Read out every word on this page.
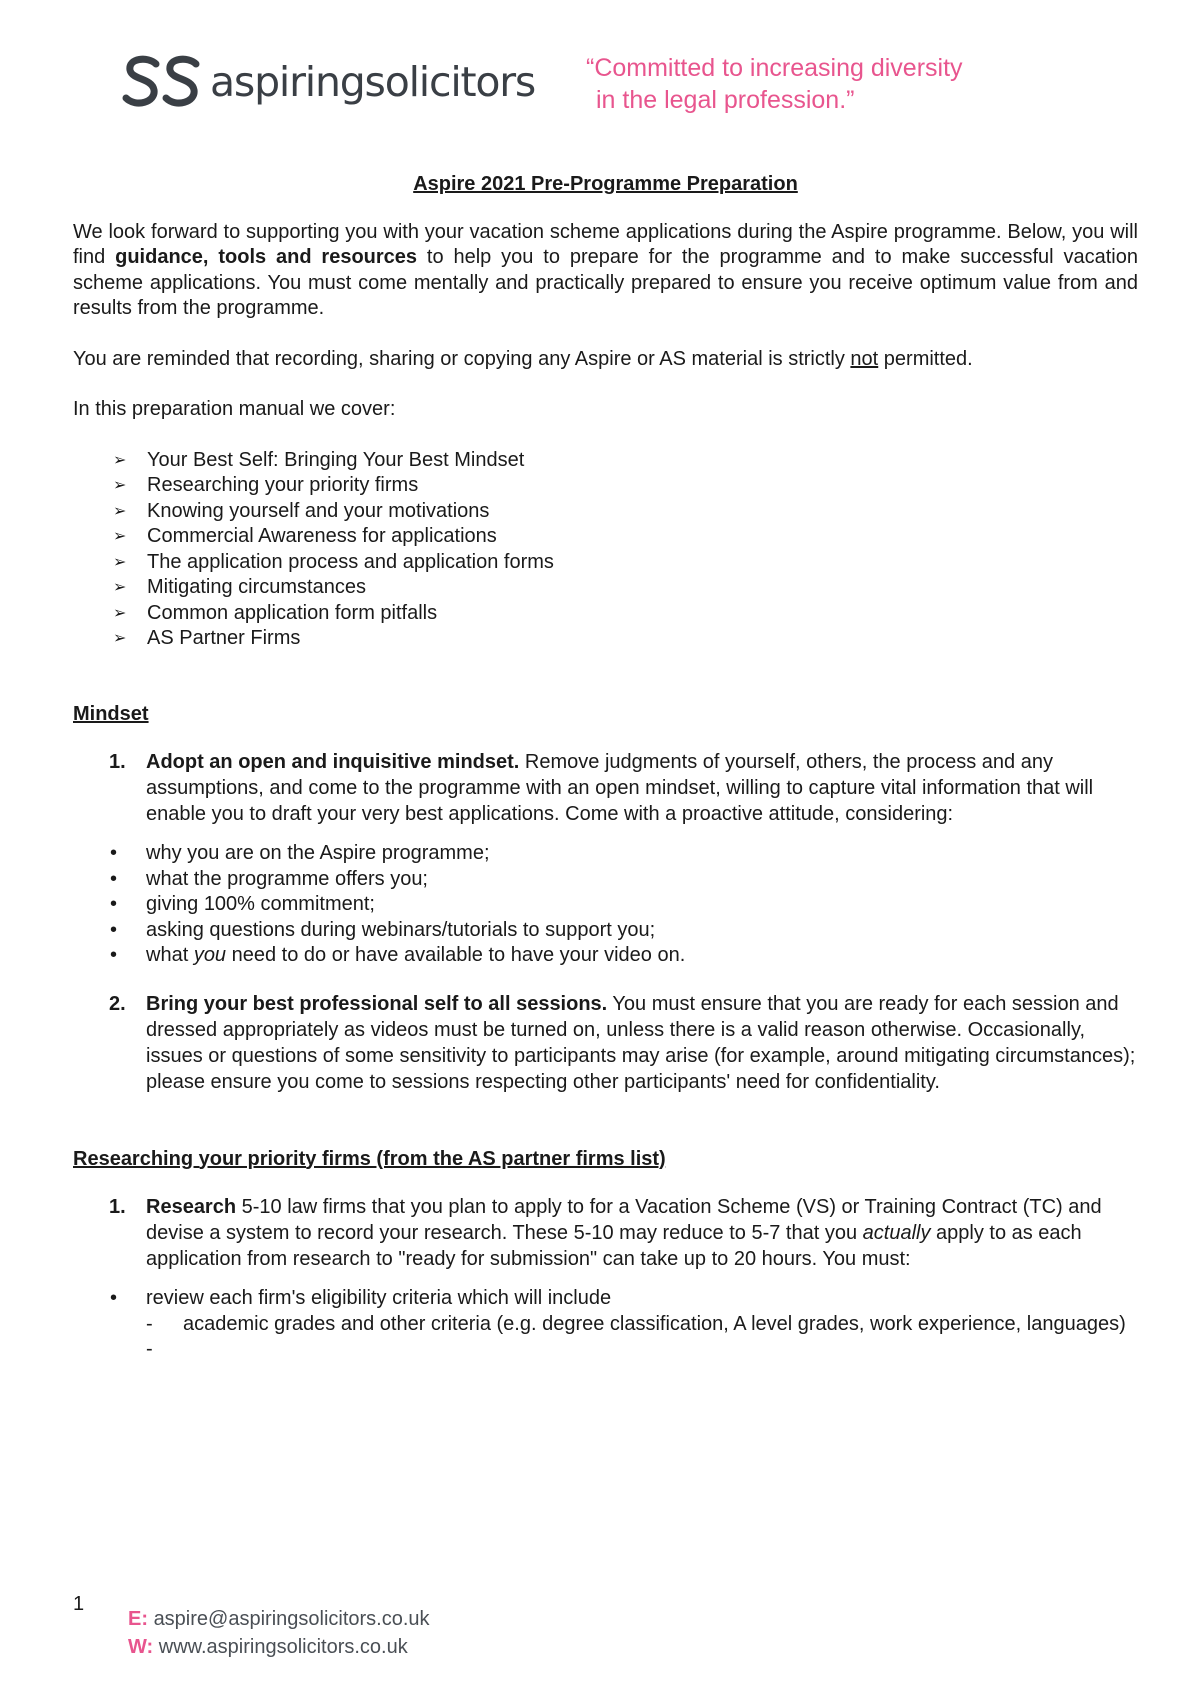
aspiringsolicitors “Committed to increasing diversity
in the legal profession.”
Aspire 2021 Pre-Programme Preparation

We look forward to supporting you with your vacation scheme applications during the Aspire programme. Below, you will find guidance, tools and resources to help you to prepare for the programme and to make successful vacation scheme applications. You must come mentally and practically prepared to ensure you receive optimum value from and results from the programme.

You are reminded that recording, sharing or copying any Aspire or AS material is strictly not permitted.

In this preparation manual we cover:

➢ Your Best Self: Bringing Your Best Mindset
➢ Researching your priority firms
➢ Knowing yourself and your motivations
➢ Commercial Awareness for applications
➢ The application process and application forms
➢ Mitigating circumstances
➢ Common application form pitfalls
➢ AS Partner Firms
Mindset
1. Adopt an open and inquisitive mindset. Remove judgments of yourself, others, the process and any assumptions, and come to the programme with an open mindset, willing to capture vital information that will enable you to draft your very best applications. Come with a proactive attitude, considering:
• why you are on the Aspire programme;
• what the programme offers you;
• giving 100% commitment;
• asking questions during webinars/tutorials to support you;
• what you need to do or have available to have your video on.
2. Bring your best professional self to all sessions. You must ensure that you are ready for each session and dressed appropriately as videos must be turned on, unless there is a valid reason otherwise. Occasionally, issues or questions of some sensitivity to participants may arise (for example, around mitigating circumstances); please ensure you come to sessions respecting other participants' need for confidentiality.
Researching your priority firms (from the AS partner firms list)
1. Research 5-10 law firms that you plan to apply to for a Vacation Scheme (VS) or Training Contract (TC) and devise a system to record your research. These 5-10 may reduce to 5-7 that you actually apply to as each application from research to "ready for submission" can take up to 20 hours. You must:
• review each firm's eligibility criteria which will include
- academic grades and other criteria (e.g. degree classification, A level grades, work experience, languages)
-
1
E: aspire@aspiringsolicitors.co.uk
W: www.aspiringsolicitors.co.uk
